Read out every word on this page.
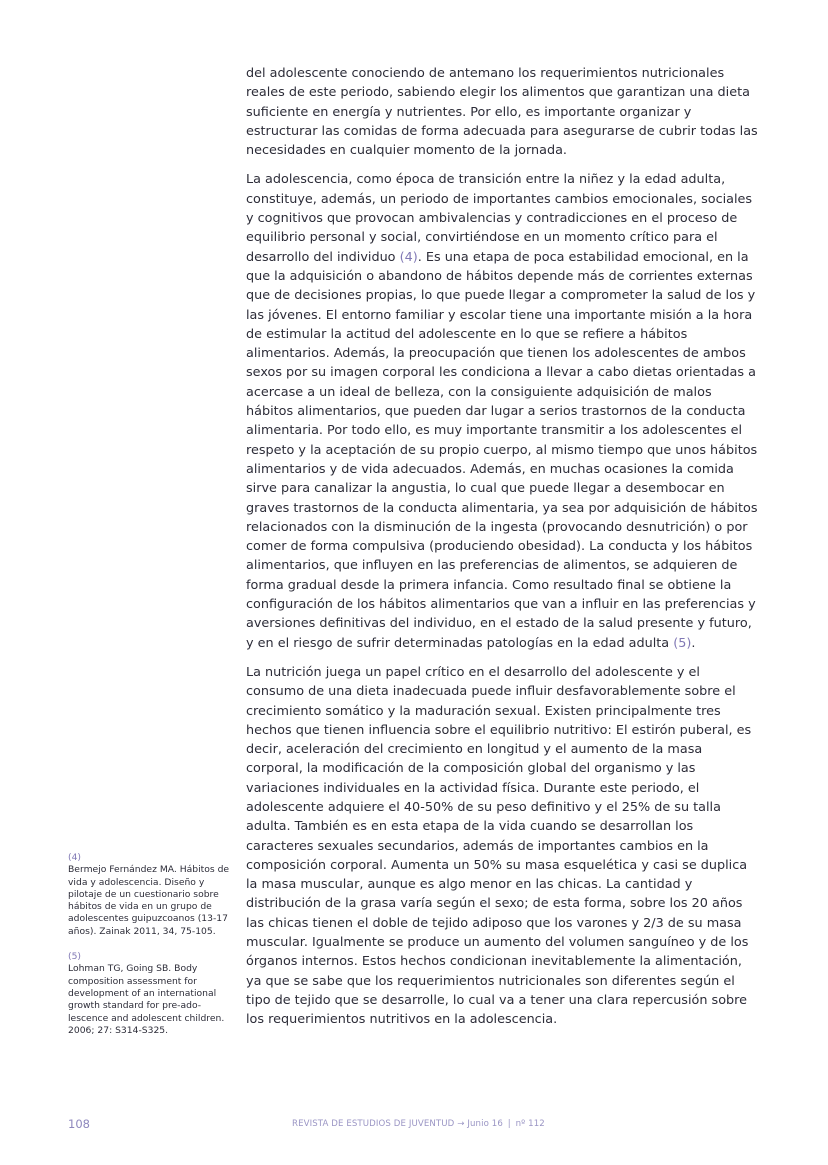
del adolescente conociendo de antemano los requerimientos nutricionales reales de este periodo, sabiendo elegir los alimentos que garantizan una dieta suficiente en energía y nutrientes. Por ello, es importante organizar y estructurar las comidas de forma adecuada para asegurarse de cubrir todas las necesidades en cualquier momento de la jornada.

La adolescencia, como época de transición entre la niñez y la edad adulta, constituye, además, un periodo de importantes cambios emocionales, sociales y cognitivos que provocan ambivalencias y contradicciones en el proceso de equilibrio personal y social, convirtiéndose en un momento crítico para el desarrollo del individuo (4). Es una etapa de poca estabilidad emocional, en la que la adquisición o abandono de hábitos depende más de corrientes externas que de decisiones propias, lo que puede llegar a comprometer la salud de los y las jóvenes. El entorno familiar y escolar tiene una importante misión a la hora de estimular la actitud del adolescente en lo que se refiere a hábitos alimentarios. Además, la preocupación que tienen los adolescentes de ambos sexos por su imagen corporal les condiciona a llevar a cabo dietas orientadas a acercase a un ideal de belleza, con la consiguiente adquisición de malos hábitos alimentarios, que pueden dar lugar a serios trastornos de la conducta alimentaria. Por todo ello, es muy importante transmitir a los adolescentes el respeto y la aceptación de su propio cuerpo, al mismo tiempo que unos hábitos alimentarios y de vida adecuados. Además, en muchas ocasiones la comida sirve para canalizar la angustia, lo cual que puede llegar a desembocar en graves trastornos de la conducta alimentaria, ya sea por adquisición de hábitos relacionados con la disminución de la ingesta (provocando desnutrición) o por comer de forma compulsiva (produciendo obesidad). La conducta y los hábitos alimentarios, que influyen en las preferencias de alimentos, se adquieren de forma gradual desde la primera infancia. Como resultado final se obtiene la configuración de los hábitos alimentarios que van a influir en las preferencias y aversiones definitivas del individuo, en el estado de la salud presente y futuro, y en el riesgo de sufrir determinadas patologías en la edad adulta (5).

La nutrición juega un papel crítico en el desarrollo del adolescente y el consumo de una dieta inadecuada puede influir desfavorablemente sobre el crecimiento somático y la maduración sexual. Existen principalmente tres hechos que tienen influencia sobre el equilibrio nutritivo: El estirón puberal, es decir, aceleración del crecimiento en longitud y el aumento de la masa corporal, la modificación de la composición global del organismo y las variaciones individuales en la actividad física. Durante este periodo, el adolescente adquiere el 40-50% de su peso definitivo y el 25% de su talla adulta. También es en esta etapa de la vida cuando se desarrollan los caracteres sexuales secundarios, además de importantes cambios en la composición corporal. Aumenta un 50% su masa esquelética y casi se duplica la masa muscular, aunque es algo menor en las chicas. La cantidad y distribución de la grasa varía según el sexo; de esta forma, sobre los 20 años las chicas tienen el doble de tejido adiposo que los varones y 2/3 de su masa muscular. Igualmente se produce un aumento del volumen sanguíneo y de los órganos internos. Estos hechos condicionan inevitablemente la alimentación, ya que se sabe que los requerimientos nutricionales son diferentes según el tipo de tejido que se desarrolle, lo cual va a tener una clara repercusión sobre los requerimientos nutritivos en la adolescencia.

(4)
Bermejo Fernández MA. Hábitos de vida y adolescencia. Diseño y pilotaje de un cuestionario sobre hábitos de vida en un grupo de adolescentes guipuzcoanos (13-17 años). Zainak 2011, 34, 75-105.
(5)
Lohman TG, Going SB. Body composition assessment for development of an international growth standard for pre-ado- lescence and adolescent children. 2006; 27: S314-S325.
108	REVISTA DE ESTUDIOS DE JUVENTUD → Junio 16 | nº 112
